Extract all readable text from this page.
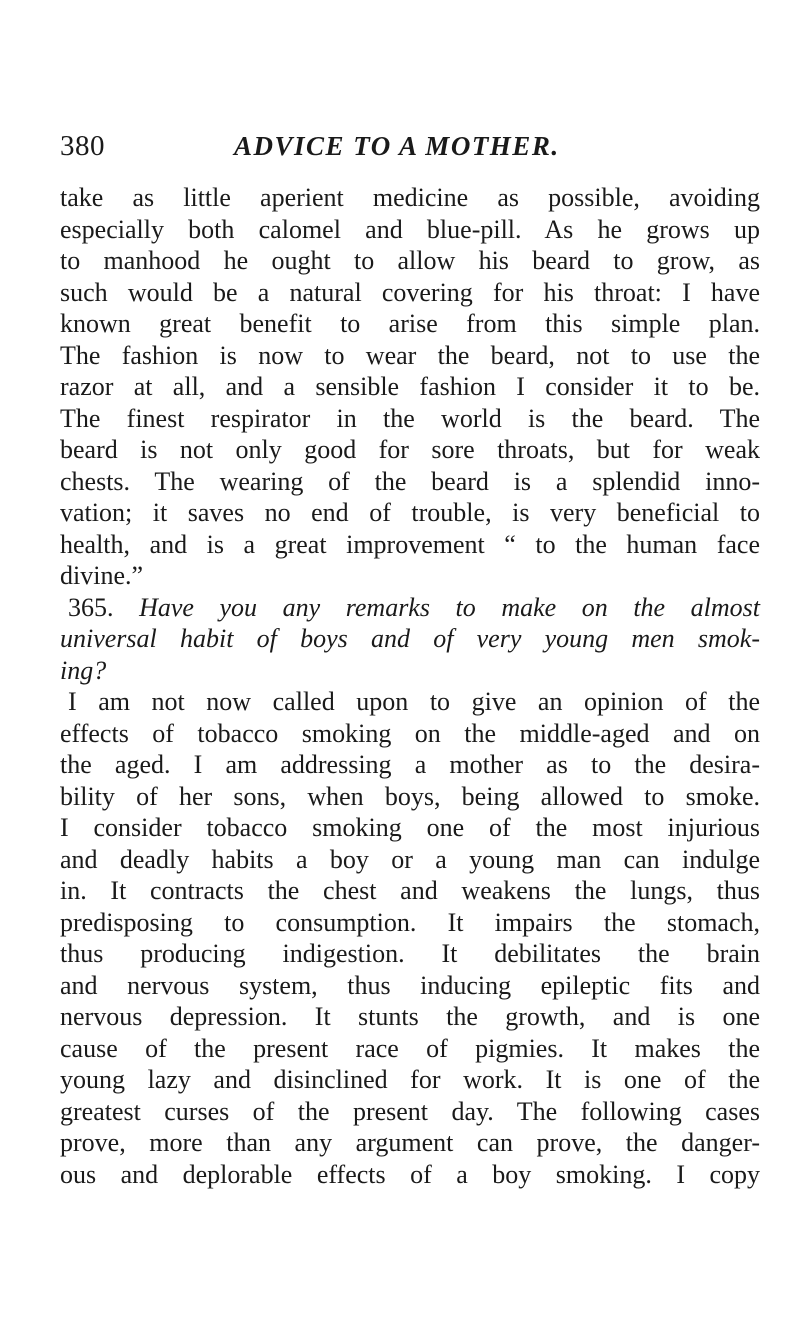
380	ADVICE TO A MOTHER.
take as little aperient medicine as possible, avoiding
especially both calomel and blue-pill. As he grows up
to manhood he ought to allow his beard to grow, as
such would be a natural covering for his throat: I have
known great benefit to arise from this simple plan.
The fashion is now to wear the beard, not to use the
razor at all, and a sensible fashion I consider it to be.
The finest respirator in the world is the beard. The
beard is not only good for sore throats, but for weak
chests. The wearing of the beard is a splendid inno-
vation; it saves no end of trouble, is very beneficial to
health, and is a great improvement “ to the human face
divine.”
365. Have you any remarks to make on the almost
universal habit of boys and of very young men smok-
ing?
I am not now called upon to give an opinion of the
effects of tobacco smoking on the middle-aged and on
the aged. I am addressing a mother as to the desira-
bility of her sons, when boys, being allowed to smoke.
I consider tobacco smoking one of the most injurious
and deadly habits a boy or a young man can indulge
in. It contracts the chest and weakens the lungs, thus
predisposing to consumption. It impairs the stomach,
thus producing indigestion. It debilitates the brain
and nervous system, thus inducing epileptic fits and
nervous depression. It stunts the growth, and is one
cause of the present race of pigmies. It makes the
young lazy and disinclined for work. It is one of the
greatest curses of the present day. The following cases
prove, more than any argument can prove, the danger-
ous and deplorable effects of a boy smoking. I copy
